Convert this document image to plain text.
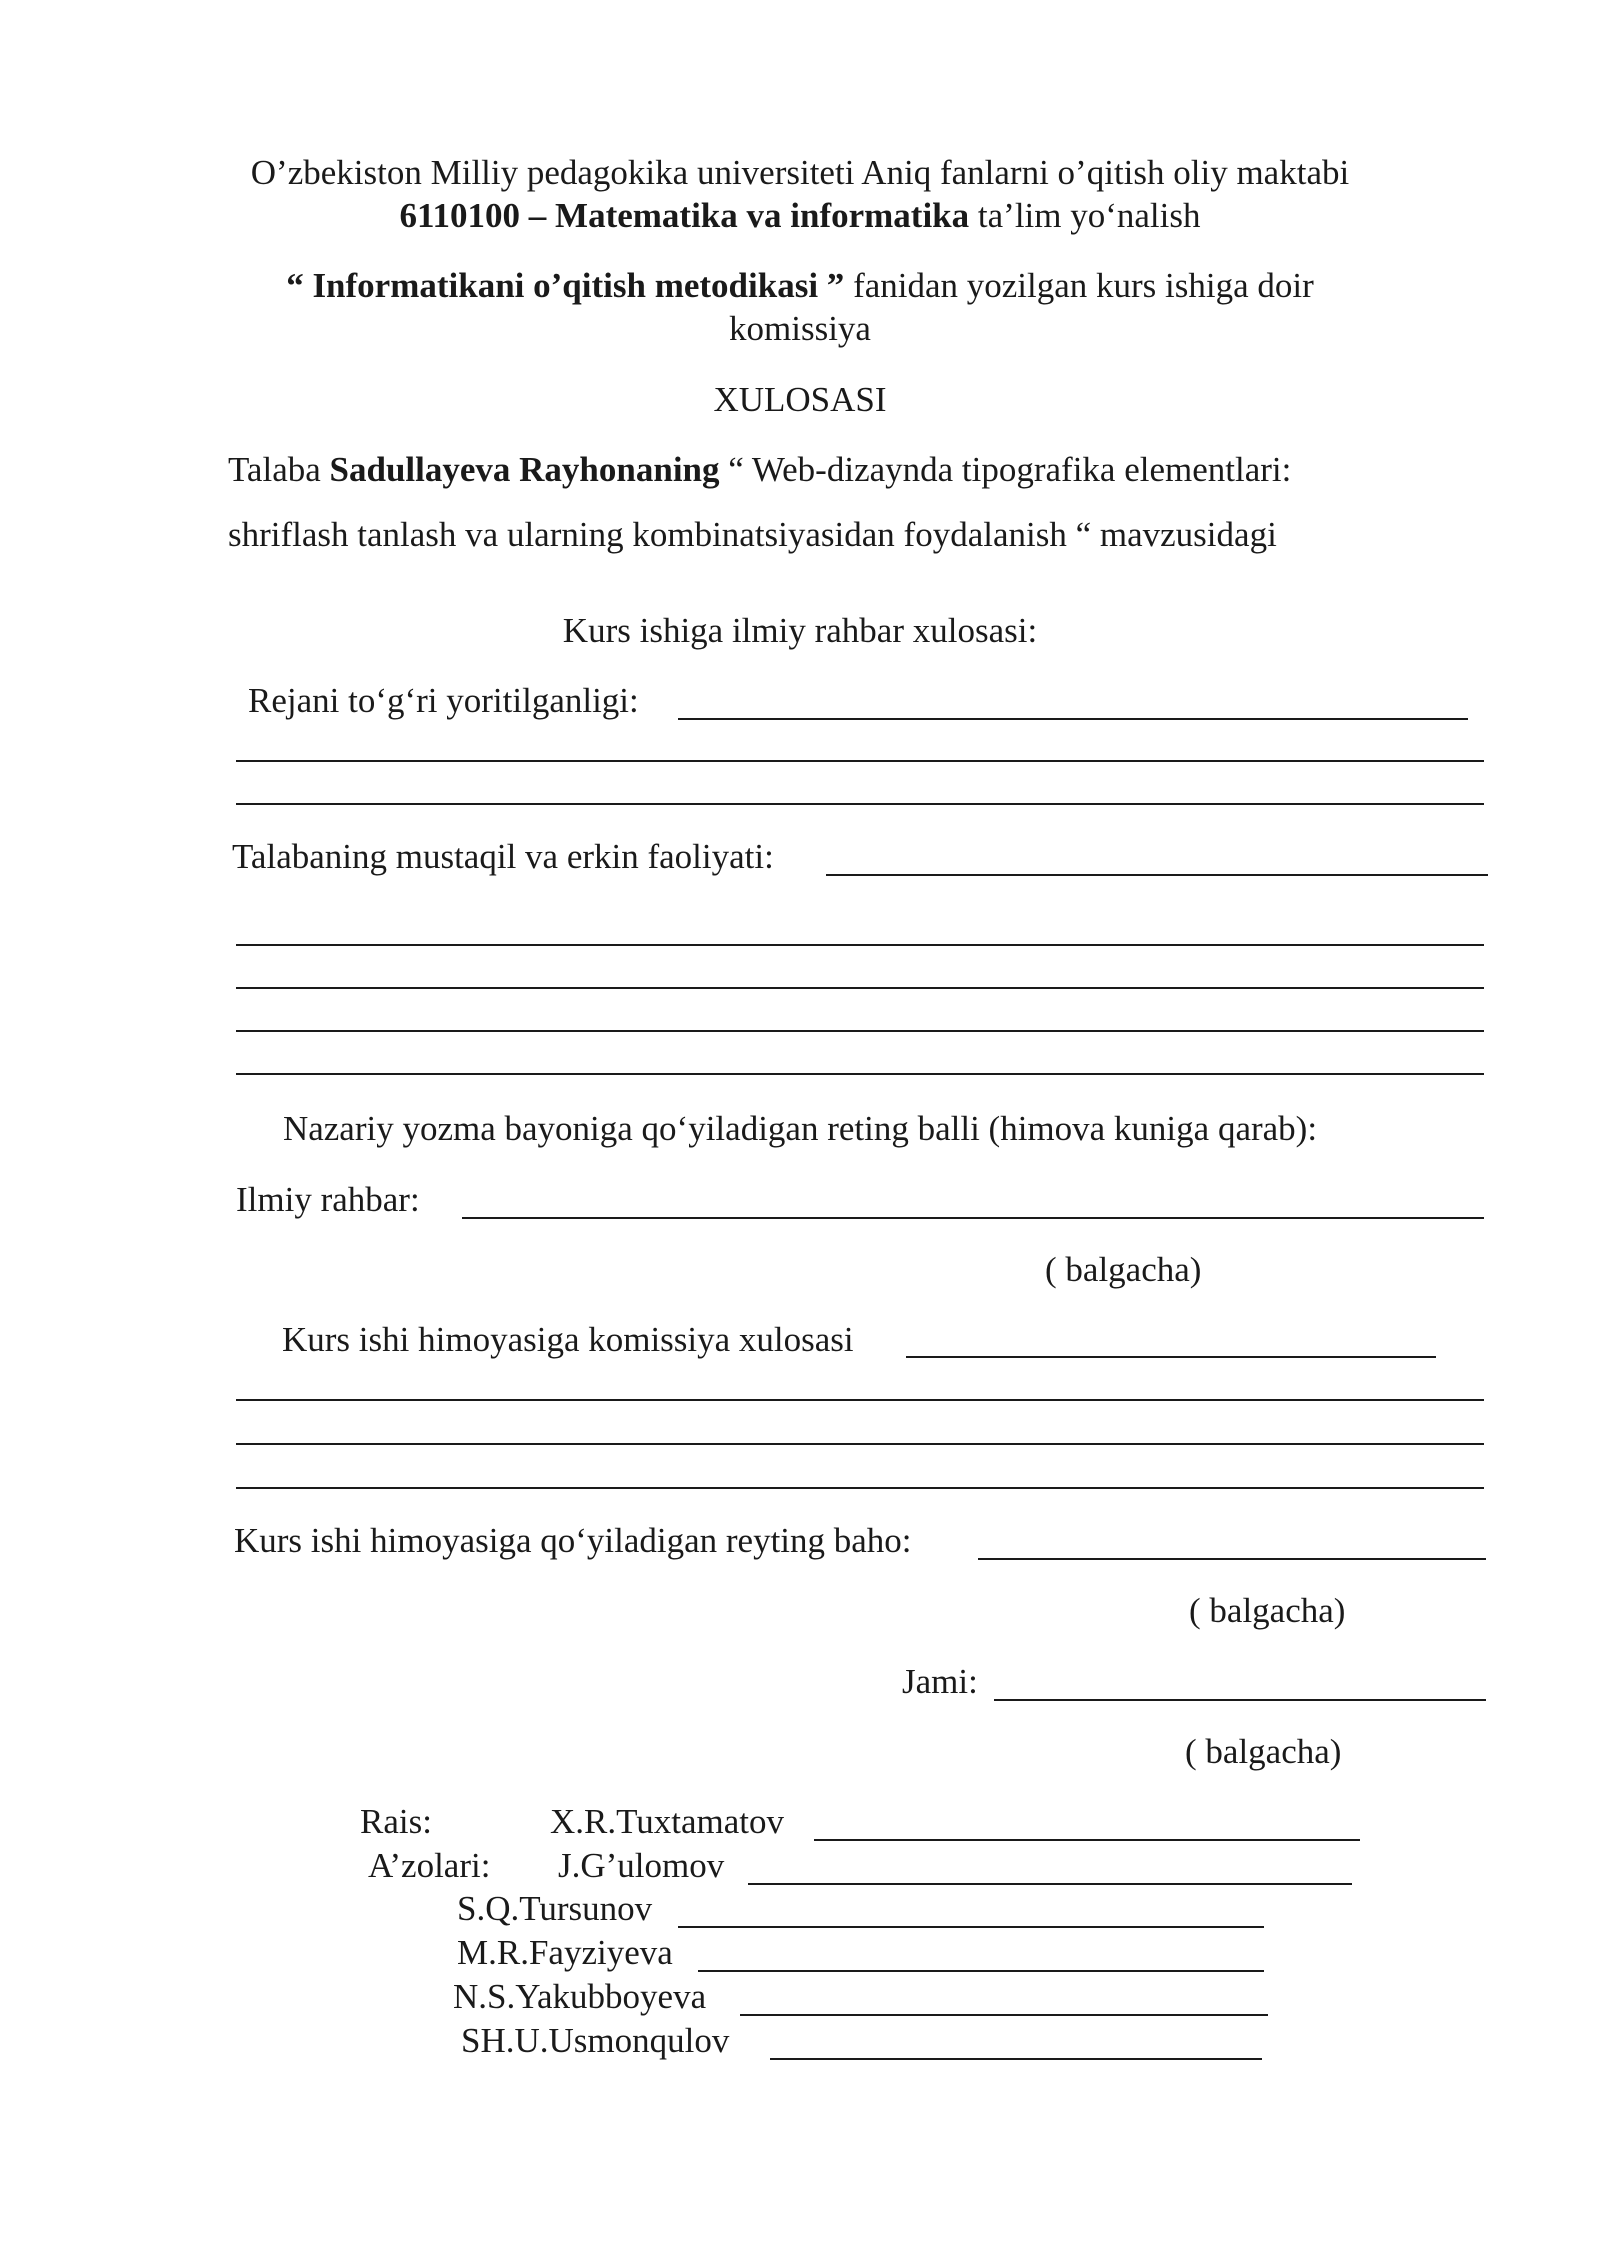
O’zbekiston Milliy pedagokika universiteti Aniq fanlarni o’qitish oliy maktabi
6110100 – Matematika va informatika ta’lim yo‘nalish
“ Informatikani o’qitish metodikasi ” fanidan yozilgan kurs ishiga doir
komissiya
XULOSASI
Talaba Sadullayeva Rayhonaning “ Web-dizaynda tipografika elementlari:
shriflash tanlash va ularning kombinatsiyasidan foydalanish “ mavzusidagi
Kurs ishiga ilmiy rahbar xulosasi:
Rejani to‘g‘ri yoritilganligi:
Talabaning mustaqil va erkin faoliyati:
Nazariy yozma bayoniga qo‘yiladigan reting balli (himova kuniga qarab):
Ilmiy rahbar:
( balgacha)
Kurs ishi himoyasiga komissiya xulosasi
Kurs ishi himoyasiga qo‘yiladigan reyting baho:
( balgacha)
Jami:
( balgacha)
Rais:	X.R.Tuxtamatov
A’zolari: J.G’ulomov
S.Q.Tursunov
M.R.Fayziyeva
N.S.Yakubboyeva
SH.U.Usmonqulov
